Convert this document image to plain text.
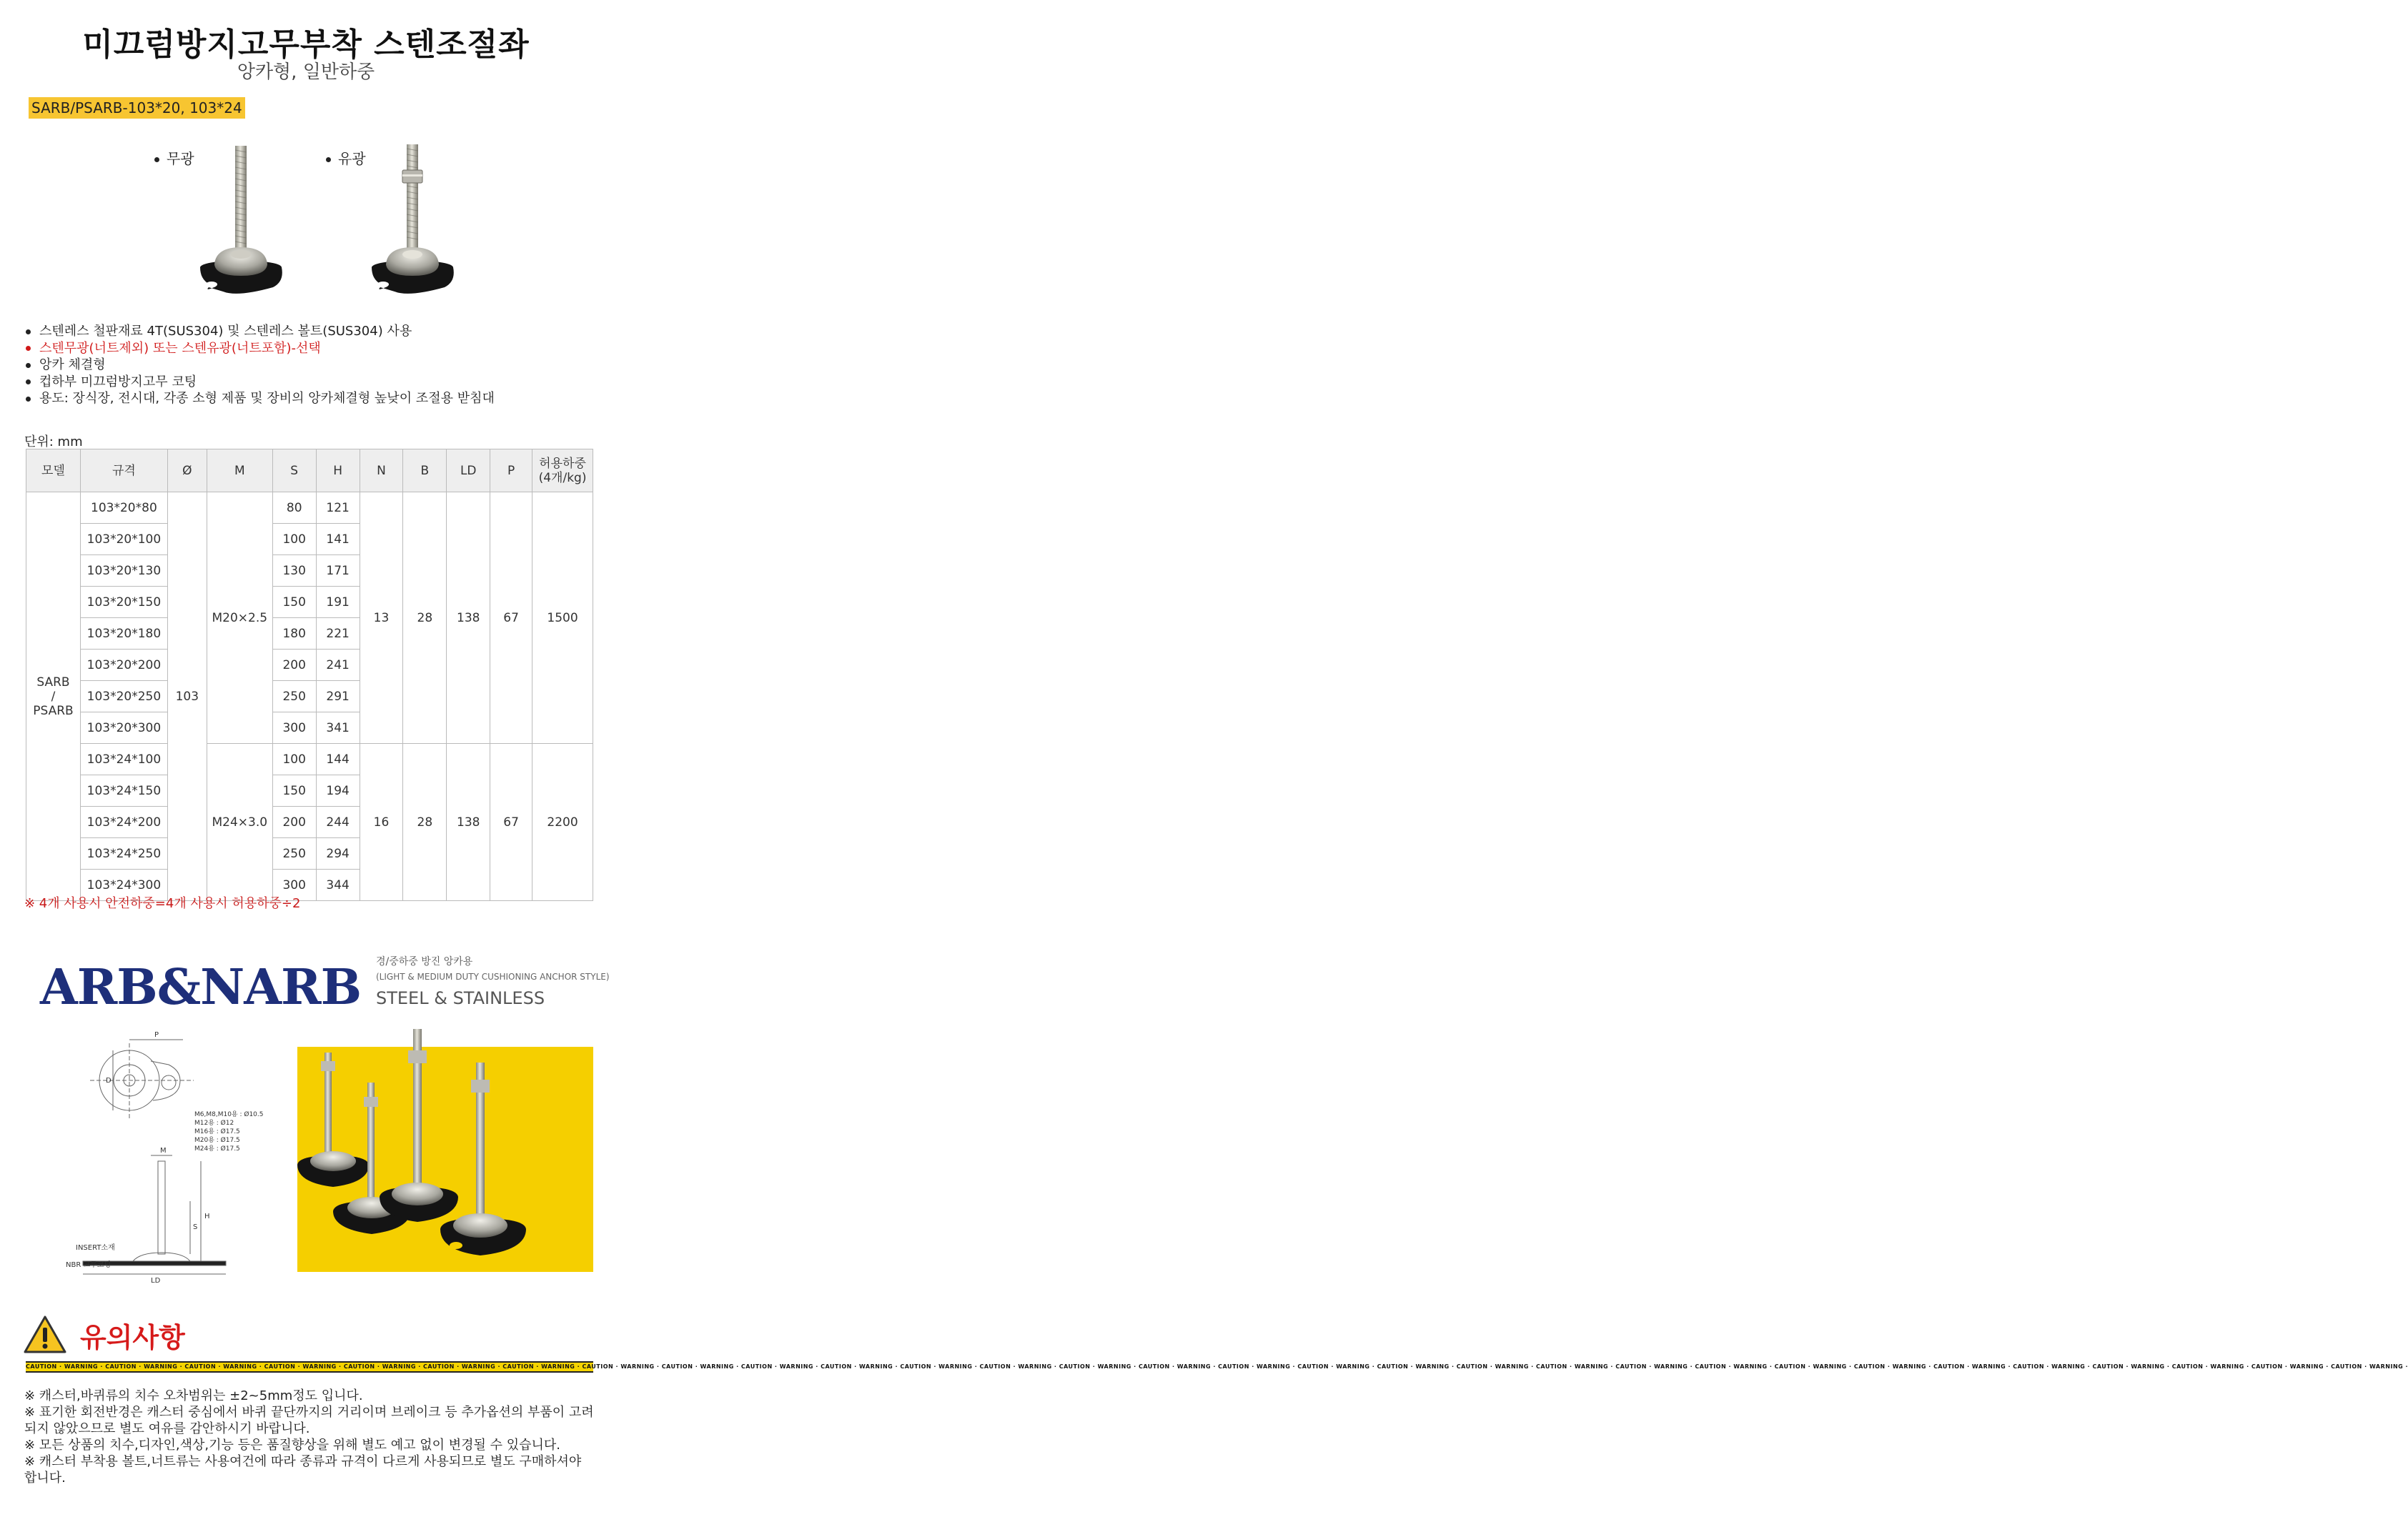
미끄럼방지고무부착 스텐조절좌
앙카형, 일반하중
SARB/PSARB-103*20, 103*24
무광	유광
스텐레스 철판재료 4T(SUS304) 및 스텐레스 볼트(SUS304) 사용
스텐무광(너트제외) 또는 스텐유광(너트포함)-선택
앙카 체결형
컵하부 미끄럼방지고무 코팅
용도: 장식장, 전시대, 각종 소형 제품 및 장비의 앙카체결형 높낮이 조절용 받침대
단위: mm
모델	규격	Ø	M	S	H	N	B	LD	P	허용하중
(4개/kg)
SARB
/
PSARB	103*20*80	103	M20×2.5	80	121	13	28	138	67	1500
	103*20*100			100	141					
	103*20*130			130	171					
	103*20*150			150	191					
	103*20*180			180	221					
	103*20*200			200	241					
	103*20*250			250	291					
	103*20*300			300	341					
	103*24*100		M24×3.0	100	144	16	28	138	67	2200
	103*24*150			150	194					
	103*24*200			200	244					
	103*24*250			250	294					
	103*24*300			300	344					
※ 4개 사용시 안전하중=4개 사용시 허용하중÷2
ARB&NARB 경/중하중 방진 앙카용
(LIGHT & MEDIUM DUTY CUSHIONING ANCHOR STYLE)
STEEL & STAINLESS
P
D
M6,M8,M10용 : Ø10.5
M12용 : Ø12
M16용 : Ø17.5
M20용 : Ø17.5
M24용 : Ø17.5
M
H
S
LD
INSERT소재
NBR 고무코팅
유의사항
CAUTION · WARNING · CAUTION · WARNING · CAUTION · WARNING · CAUTION · WARNING · CAUTION · WARNING · CAUTION · WARNING · CAUTION · WARNING · CAUTION · WARNING · CAUTION · WARNING · CAUTION · WARNING · CAUTION · WARNING · CAUTION · WARNING · CAUTION · WARNING · CAUTION · WARNING · CAUTION · WARNING · CAUTION · WARNING · CAUTION · WARNING · CAUTION · WARNING · CAUTION · WARNING · CAUTION · WARNING · CAUTION · WARNING · CAUTION · WARNING · CAUTION · WARNING · CAUTION · WARNING · CAUTION · WARNING · CAUTION · WARNING · CAUTION · WARNING · CAUTION · WARNING · CAUTION · WARNING · CAUTION · WARNING ·
※ 캐스터,바퀴류의 치수 오차범위는 ±2~5mm정도 입니다.
※ 표기한 회전반경은 캐스터 중심에서 바퀴 끝단까지의 거리이며 브레이크 등 추가옵션의 부품이 고려되지 않았으므로 별도 여유를 감안하시기 바랍니다.
※ 모든 상품의 치수,디자인,색상,기능 등은 품질향상을 위해 별도 예고 없이 변경될 수 있습니다.
※ 캐스터 부착용 볼트,너트류는 사용여건에 따라 종류과 규격이 다르게 사용되므로 별도 구매하셔야 합니다.
